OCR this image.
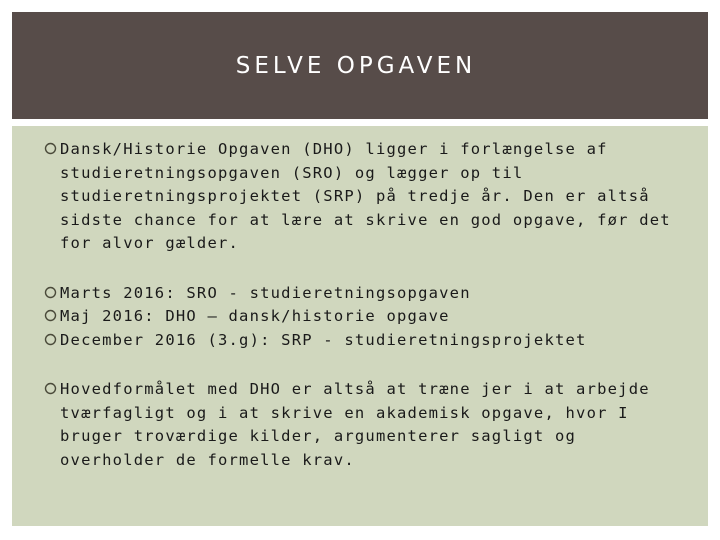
SELVE OPGAVEN
Dansk/Historie Opgaven (DHO) ligger i forlængelse af studieretningsopgaven (SRO) og lægger op til studieretningsprojektet (SRP) på tredje år. Den er altså sidste chance for at lære at skrive en god opgave, før det for alvor gælder.
Marts 2016: SRO - studieretningsopgaven
Maj 2016: DHO – dansk/historie opgave
December 2016 (3.g): SRP - studieretningsprojektet
Hovedformålet med DHO er altså at træne jer i at arbejde tværfagligt og i at skrive en akademisk opgave, hvor I bruger troværdige kilder, argumenterer sagligt og overholder de formelle krav.
